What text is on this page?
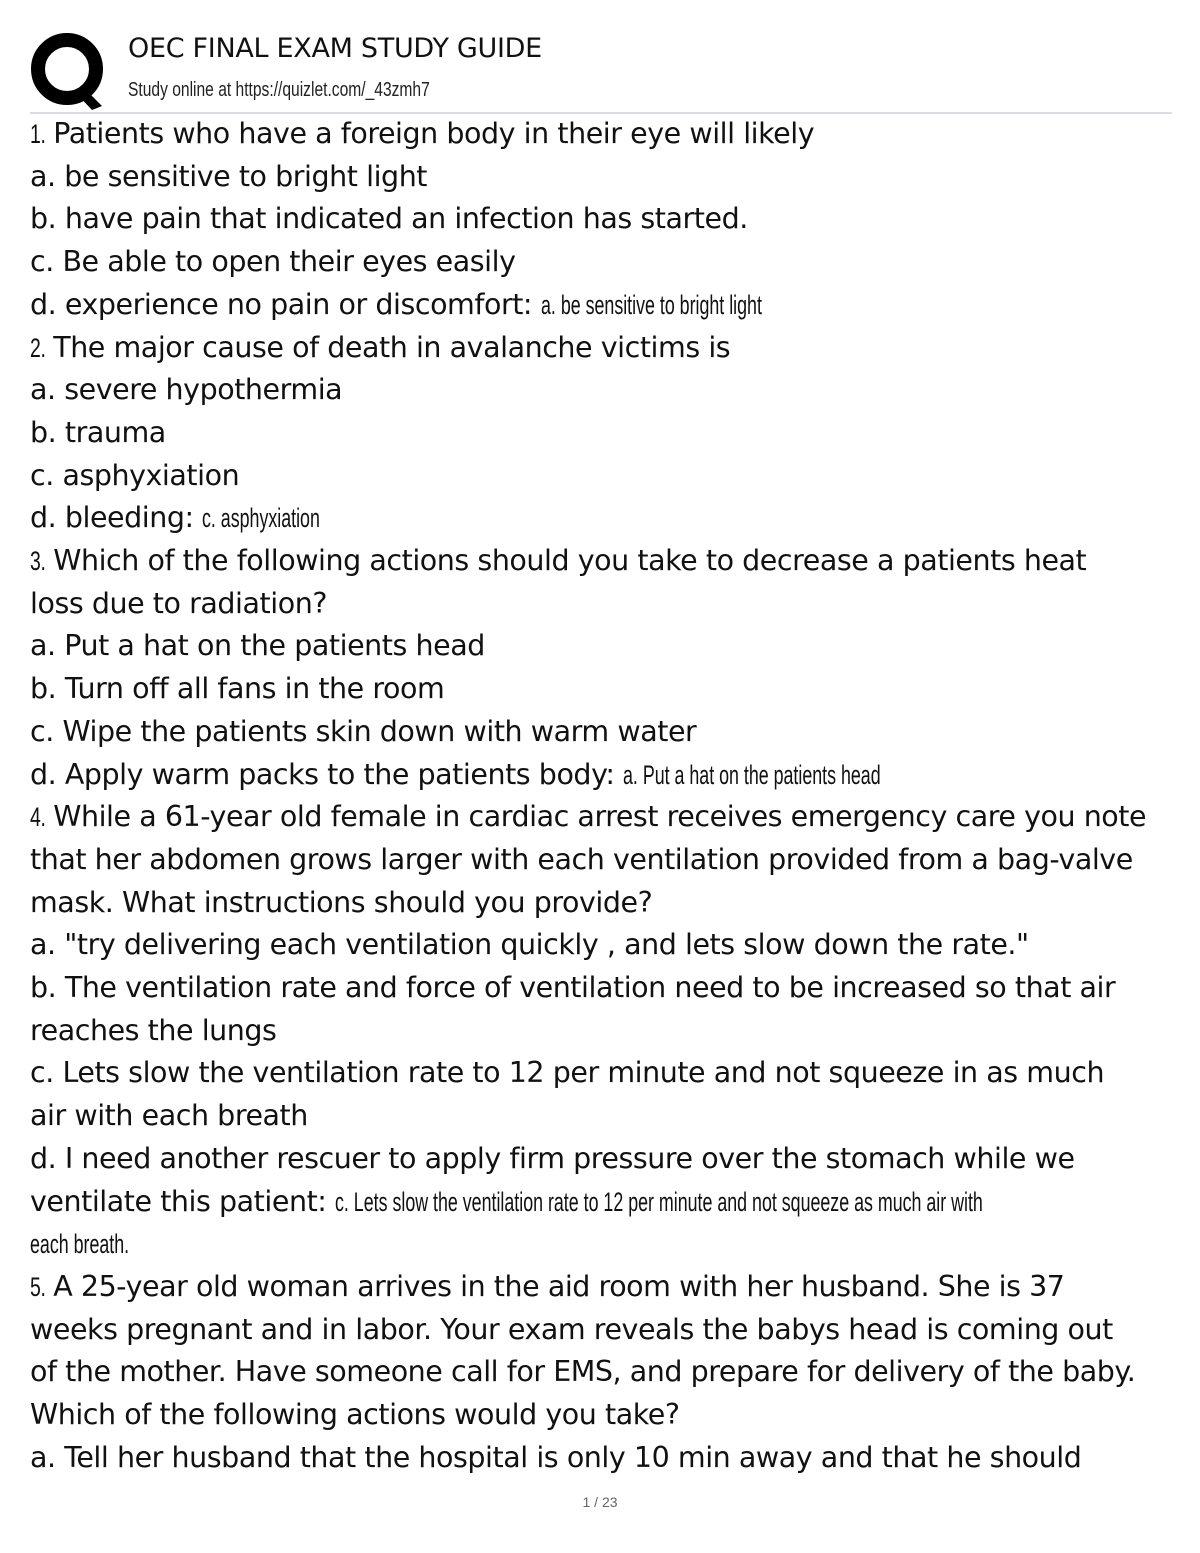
OEC FINAL EXAM STUDY GUIDE
Study online at https://quizlet.com/_43zmh7
1. Patients who have a foreign body in their eye will likely
a. be sensitive to bright light
b. have pain that indicated an infection has started.
c. Be able to open their eyes easily
d. experience no pain or discomfort: a. be sensitive to bright light
2. The major cause of death in avalanche victims is
a. severe hypothermia
b. trauma
c. asphyxiation
d. bleeding: c. asphyxiation
3. Which of the following actions should you take to decrease a patients heat
loss due to radiation?
a. Put a hat on the patients head
b. Turn off all fans in the room
c. Wipe the patients skin down with warm water
d. Apply warm packs to the patients body: a. Put a hat on the patients head
4. While a 61-year old female in cardiac arrest receives emergency care you note
that her abdomen grows larger with each ventilation provided from a bag-valve
mask. What instructions should you provide?
a. "try delivering each ventilation quickly , and lets slow down the rate."
b. The ventilation rate and force of ventilation need to be increased so that air
reaches the lungs
c. Lets slow the ventilation rate to 12 per minute and not squeeze in as much
air with each breath
d. I need another rescuer to apply firm pressure over the stomach while we
ventilate this patient: c. Lets slow the ventilation rate to 12 per minute and not squeeze as much air with
each breath.
5. A 25-year old woman arrives in the aid room with her husband. She is 37
weeks pregnant and in labor. Your exam reveals the babys head is coming out
of the mother. Have someone call for EMS, and prepare for delivery of the baby.
Which of the following actions would you take?
a. Tell her husband that the hospital is only 10 min away and that he should
1 / 23
